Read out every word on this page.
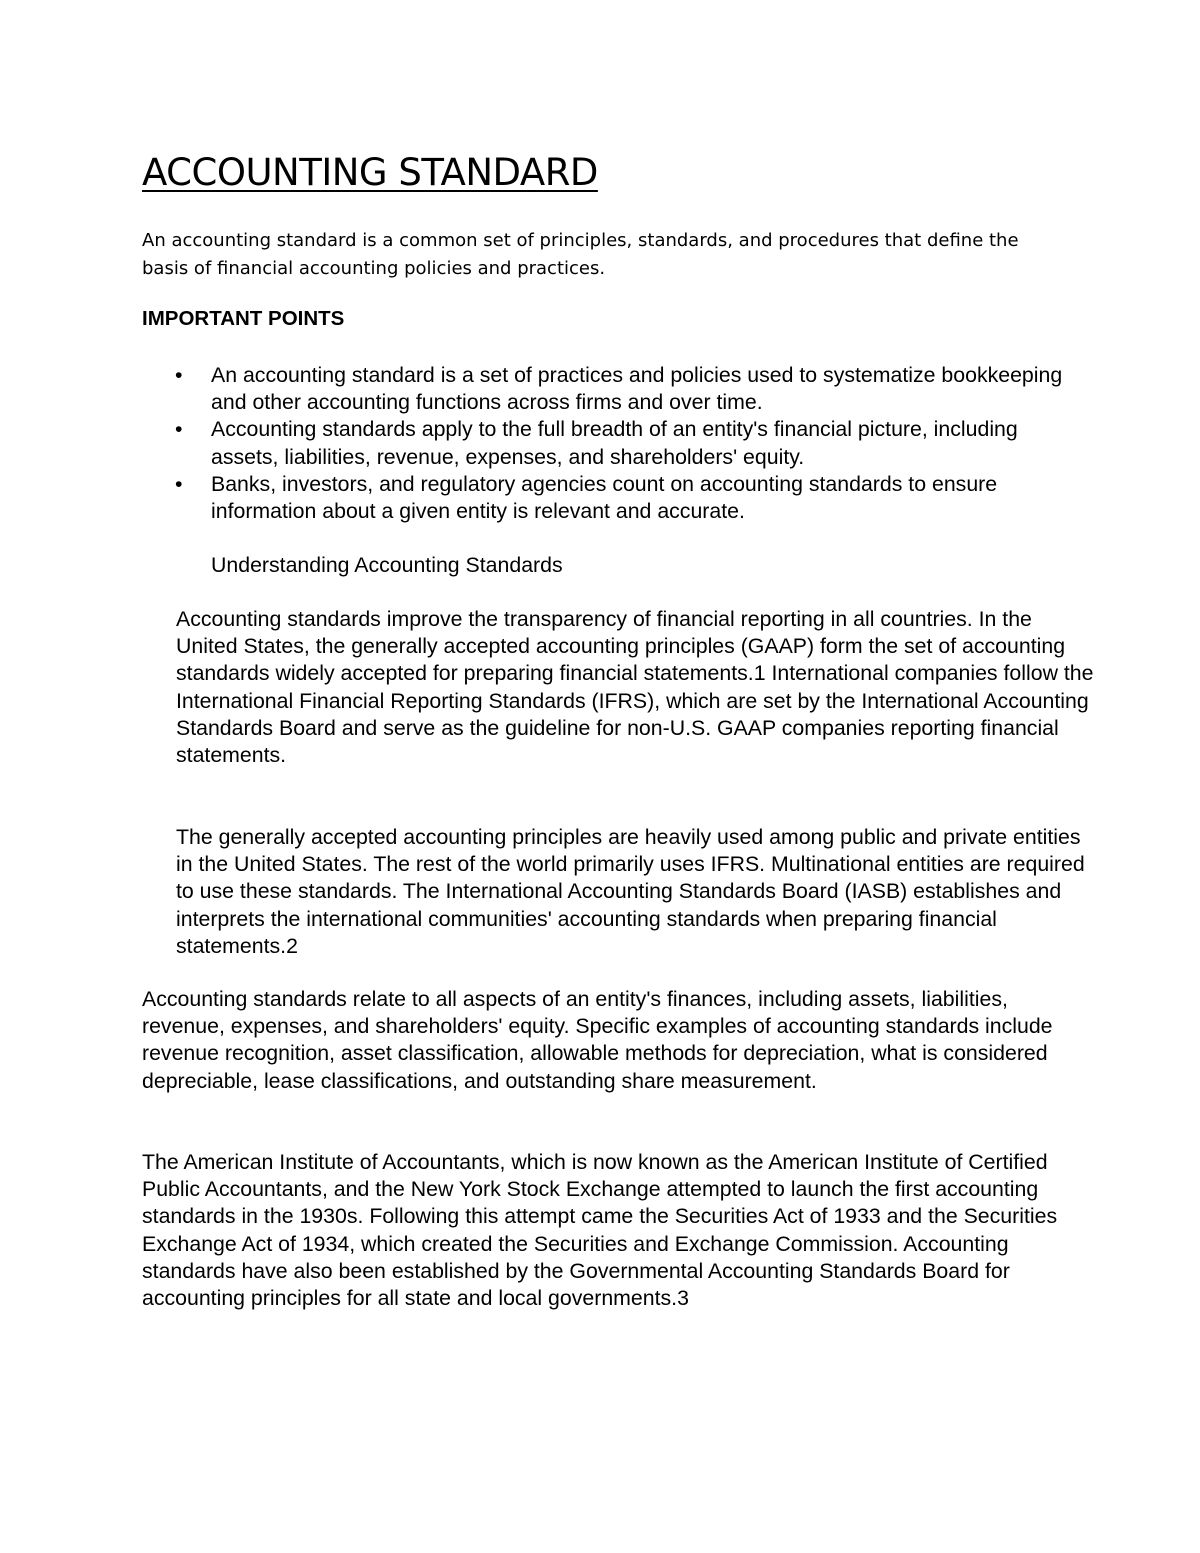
ACCOUNTING STANDARD

An accounting standard is a common set of principles, standards, and procedures that define the basis of financial accounting policies and practices.

IMPORTANT POINTS
• An accounting standard is a set of practices and policies used to systematize bookkeeping and other accounting functions across firms and over time.
• Accounting standards apply to the full breadth of an entity's financial picture, including assets, liabilities, revenue, expenses, and shareholders' equity.
• Banks, investors, and regulatory agencies count on accounting standards to ensure information about a given entity is relevant and accurate.

Understanding Accounting Standards

Accounting standards improve the transparency of financial reporting in all countries. In the United States, the generally accepted accounting principles (GAAP) form the set of accounting standards widely accepted for preparing financial statements.1 International companies follow the International Financial Reporting Standards (IFRS), which are set by the International Accounting Standards Board and serve as the guideline for non-U.S. GAAP companies reporting financial statements.

The generally accepted accounting principles are heavily used among public and private entities in the United States. The rest of the world primarily uses IFRS. Multinational entities are required to use these standards. The International Accounting Standards Board (IASB) establishes and interprets the international communities' accounting standards when preparing financial statements.2

Accounting standards relate to all aspects of an entity's finances, including assets, liabilities, revenue, expenses, and shareholders' equity. Specific examples of accounting standards include revenue recognition, asset classification, allowable methods for depreciation, what is considered depreciable, lease classifications, and outstanding share measurement.

The American Institute of Accountants, which is now known as the American Institute of Certified Public Accountants, and the New York Stock Exchange attempted to launch the first accounting standards in the 1930s. Following this attempt came the Securities Act of 1933 and the Securities Exchange Act of 1934, which created the Securities and Exchange Commission. Accounting standards have also been established by the Governmental Accounting Standards Board for accounting principles for all state and local governments.3
